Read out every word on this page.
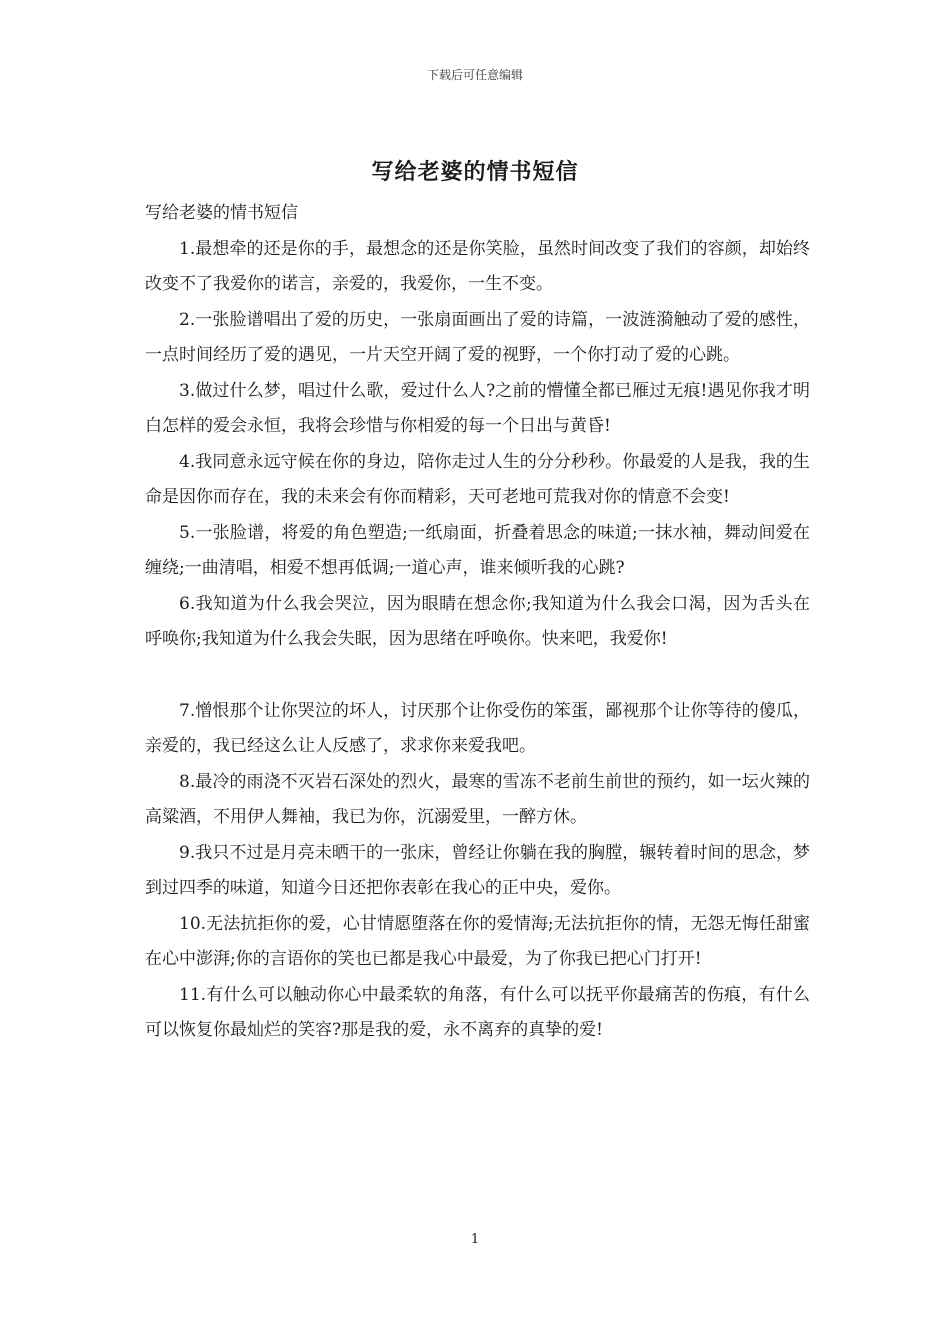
下载后可任意编辑
写给老婆的情书短信

写给老婆的情书短信

1.最想牵的还是你的手，最想念的还是你笑脸，虽然时间改变了我们的容颜，却始终改变不了我爱你的诺言，亲爱的，我爱你，一生不变。

2.一张脸谱唱出了爱的历史，一张扇面画出了爱的诗篇，一波涟漪触动了爱的感性，一点时间经历了爱的遇见，一片天空开阔了爱的视野，一个你打动了爱的心跳。

3.做过什么梦，唱过什么歌，爱过什么人?之前的懵懂全都已雁过无痕!遇见你我才明白怎样的爱会永恒，我将会珍惜与你相爱的每一个日出与黄昏!

4.我同意永远守候在你的身边，陪你走过人生的分分秒秒。你最爱的人是我，我的生命是因你而存在，我的未来会有你而精彩，天可老地可荒我对你的情意不会变!

5.一张脸谱，将爱的角色塑造;一纸扇面，折叠着思念的味道;一抹水袖，舞动间爱在缠绕;一曲清唱，相爱不想再低调;一道心声，谁来倾听我的心跳?

6.我知道为什么我会哭泣，因为眼睛在想念你;我知道为什么我会口渴，因为舌头在呼唤你;我知道为什么我会失眠，因为思绪在呼唤你。快来吧，我爱你!

7.憎恨那个让你哭泣的坏人，讨厌那个让你受伤的笨蛋，鄙视那个让你等待的傻瓜，亲爱的，我已经这么让人反感了，求求你来爱我吧。

8.最冷的雨浇不灭岩石深处的烈火，最寒的雪冻不老前生前世的预约，如一坛火辣的高粱酒，不用伊人舞袖，我已为你，沉溺爱里，一醉方休。

9.我只不过是月亮未晒干的一张床，曾经让你躺在我的胸膛，辗转着时间的思念，梦到过四季的味道，知道今日还把你表彰在我心的正中央，爱你。

10.无法抗拒你的爱，心甘情愿堕落在你的爱情海;无法抗拒你的情，无怨无悔任甜蜜在心中澎湃;你的言语你的笑也已都是我心中最爱，为了你我已把心门打开!

11.有什么可以触动你心中最柔软的角落，有什么可以抚平你最痛苦的伤痕，有什么可以恢复你最灿烂的笑容?那是我的爱，永不离弃的真挚的爱!

1
